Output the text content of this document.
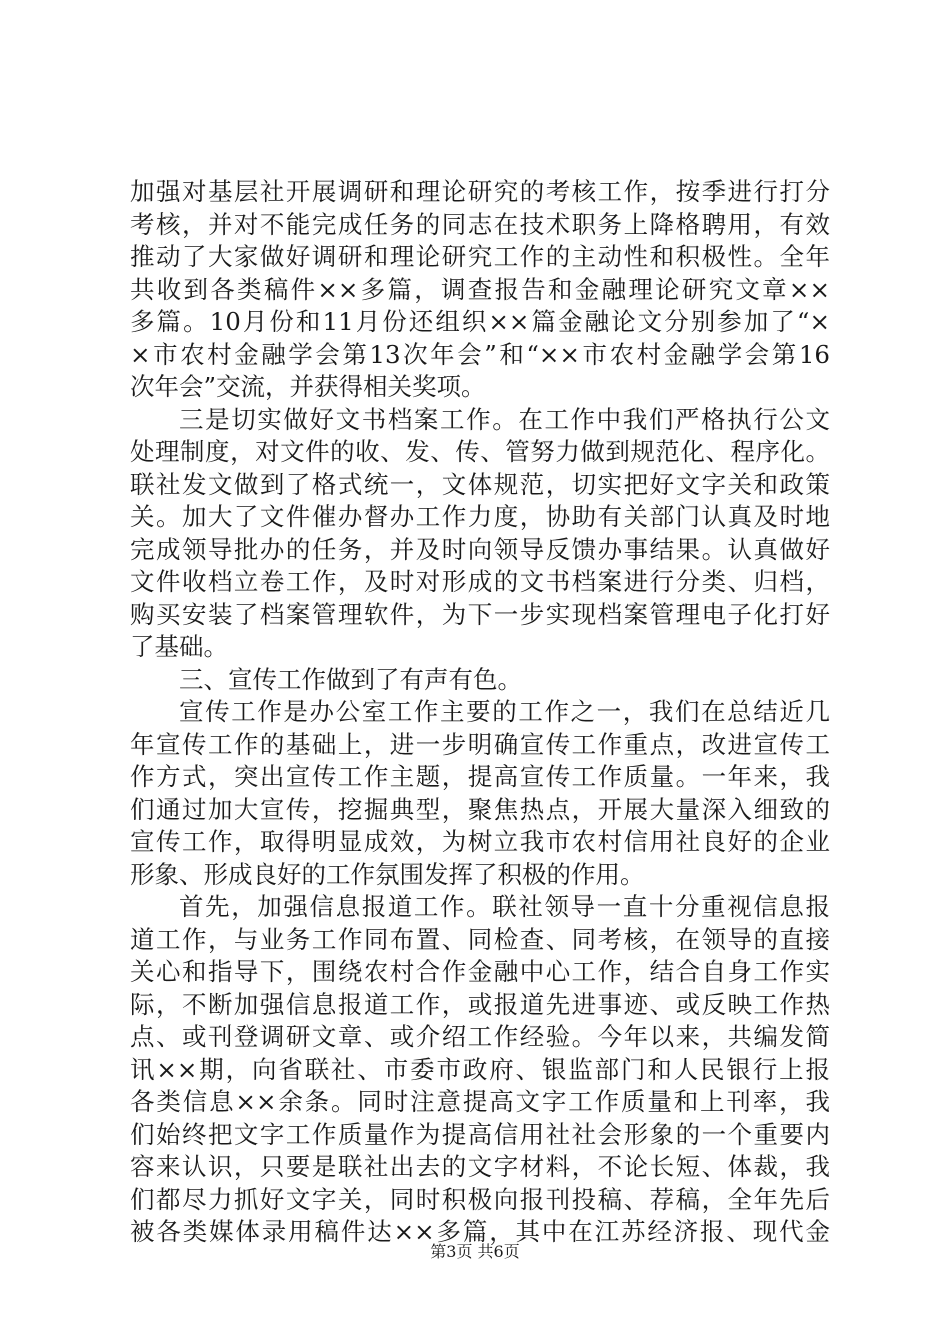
加强对基层社开展调研和理论研究的考核工作，按季进行打分
考核，并对不能完成任务的同志在技术职务上降格聘用，有效
推动了大家做好调研和理论研究工作的主动性和积极性。全年
共收到各类稿件××多篇，调查报告和金融理论研究文章××
多篇。10月份和11月份还组织××篇金融论文分别参加了“×
×市农村金融学会第13次年会”和“××市农村金融学会第16
次年会”交流，并获得相关奖项。
三是切实做好文书档案工作。在工作中我们严格执行公文
处理制度，对文件的收、发、传、管努力做到规范化、程序化。
联社发文做到了格式统一，文体规范，切实把好文字关和政策
关。加大了文件催办督办工作力度，协助有关部门认真及时地
完成领导批办的任务，并及时向领导反馈办事结果。认真做好
文件收档立卷工作，及时对形成的文书档案进行分类、归档，
购买安装了档案管理软件，为下一步实现档案管理电子化打好
了基础。
三、宣传工作做到了有声有色。
宣传工作是办公室工作主要的工作之一，我们在总结近几
年宣传工作的基础上，进一步明确宣传工作重点，改进宣传工
作方式，突出宣传工作主题，提高宣传工作质量。一年来，我
们通过加大宣传，挖掘典型，聚焦热点，开展大量深入细致的
宣传工作，取得明显成效，为树立我市农村信用社良好的企业
形象、形成良好的工作氛围发挥了积极的作用。
首先，加强信息报道工作。联社领导一直十分重视信息报
道工作，与业务工作同布置、同检查、同考核，在领导的直接
关心和指导下，围绕农村合作金融中心工作，结合自身工作实
际，不断加强信息报道工作，或报道先进事迹、或反映工作热
点、或刊登调研文章、或介绍工作经验。今年以来，共编发简
讯××期，向省联社、市委市政府、银监部门和人民银行上报
各类信息××余条。同时注意提高文字工作质量和上刊率，我
们始终把文字工作质量作为提高信用社社会形象的一个重要内
容来认识，只要是联社出去的文字材料，不论长短、体裁，我
们都尽力抓好文字关，同时积极向报刊投稿、荐稿，全年先后
被各类媒体录用稿件达××多篇，其中在江苏经济报、现代金
第3页 共6页
